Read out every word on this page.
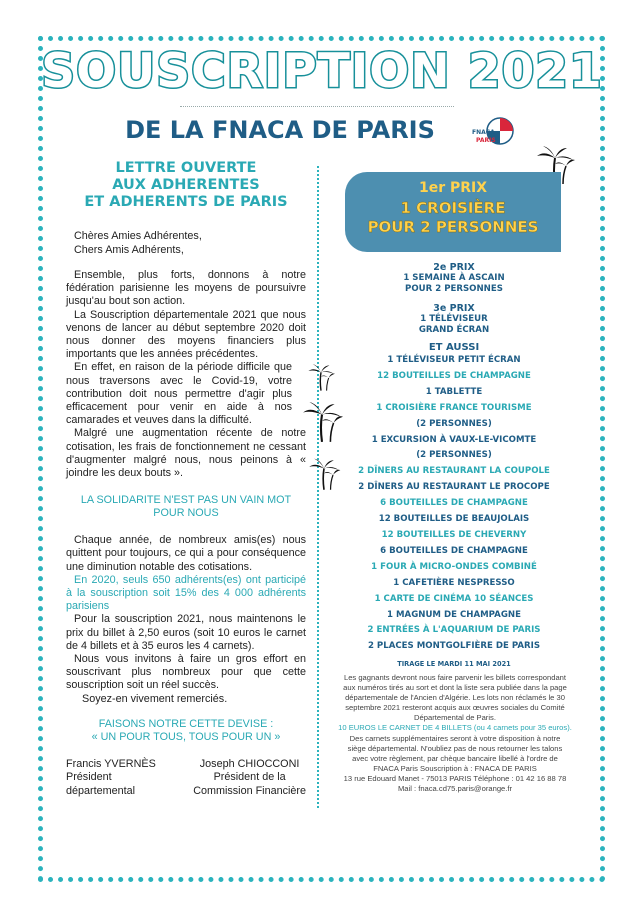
SOUSCRIPTION 2021
DE LA FNACA DE PARIS	FNACA
PARIS
LETTRE OUVERTE
AUX ADHERENTES
ET ADHERENTS DE PARIS
Chères Amies Adhérentes,
Chers Amis Adhérents,

Ensemble, plus forts, donnons à notre fédération parisienne les moyens de poursuivre jusqu'au bout son action.

La Souscription départementale 2021 que nous venons de lancer au début septembre 2020 doit nous donner des moyens financiers plus importants que les années précédentes.

En effet, en raison de la période difficile que nous traversons avec le Covid-19, votre contribution doit nous permettre d'agir plus efficacement pour venir en aide à nos camarades et veuves dans la difficulté.

Malgré une augmentation récente de notre cotisation, les frais de fonctionnement ne cessant d'augmenter malgré nous, nous peinons à « joindre les deux bouts ».

LA SOLIDARITE N'EST PAS UN VAIN MOT
POUR NOUS

Chaque année, de nombreux amis(es) nous quittent pour toujours, ce qui a pour conséquence une diminution notable des cotisations.

En 2020, seuls 650 adhérents(es) ont participé à la souscription soit 15% des 4 000 adhérents parisiens

Pour la souscription 2021, nous maintenons le prix du billet à 2,50 euros (soit 10 euros le carnet de 4 billets et à 35 euros les 4 carnets).

Nous vous invitons à faire un gros effort en souscrivant plus nombreux pour que cette souscription soit un réel succès.

Soyez-en vivement remerciés.

FAISONS NOTRE CETTE DEVISE :
« UN POUR TOUS, TOUS POUR UN »
Francis YVERNÈS
Président
départemental
Joseph CHIOCCONI
Président de la
Commission Financière
1er PRIX
1 CROISIÈRE
POUR 2 PERSONNES
2e PRIX
1 SEMAINE À ASCAIN
POUR 2 PERSONNES
3e PRIX
1 TÉLÉVISEUR
GRAND ÉCRAN
ET AUSSI
1 TÉLÉVISEUR PETIT ÉCRAN
12 BOUTEILLES DE CHAMPAGNE
1 TABLETTE
1 CROISIÈRE FRANCE TOURISME
(2 PERSONNES)
1 EXCURSION À VAUX-LE-VICOMTE
(2 PERSONNES)
2 DÎNERS AU RESTAURANT LA COUPOLE
2 DÎNERS AU RESTAURANT LE PROCOPE
6 BOUTEILLES DE CHAMPAGNE
12 BOUTEILLES DE BEAUJOLAIS
12 BOUTEILLES DE CHEVERNY
6 BOUTEILLES DE CHAMPAGNE
1 FOUR À MICRO-ONDES COMBINÉ
1 CAFETIÈRE NESPRESSO
1 CARTE DE CINÉMA 10 SÉANCES
1 MAGNUM DE CHAMPAGNE
2 ENTRÉES À L'AQUARIUM DE PARIS
2 PLACES MONTGOLFIÈRE DE PARIS
TIRAGE LE MARDI 11 MAI 2021
Les gagnants devront nous faire parvenir les billets correspondant
aux numéros tirés au sort et dont la liste sera publiée dans la page
départementale de l'Ancien d'Algérie. Les lots non réclamés le 30
septembre 2021 resteront acquis aux œuvres sociales du Comité
Départemental de Paris.
10 EUROS LE CARNET DE 4 BILLETS (ou 4 carnets pour 35 euros).
Des carnets supplémentaires seront à votre disposition à notre
siège départemental. N'oubliez pas de nous retourner les talons
avec votre règlement, par chèque bancaire libellé à l'ordre de
FNACA Paris Souscription à : FNACA DE PARIS
13 rue Edouard Manet - 75013 PARIS Téléphone : 01 42 16 88 78
Mail : fnaca.cd75.paris@orange.fr
